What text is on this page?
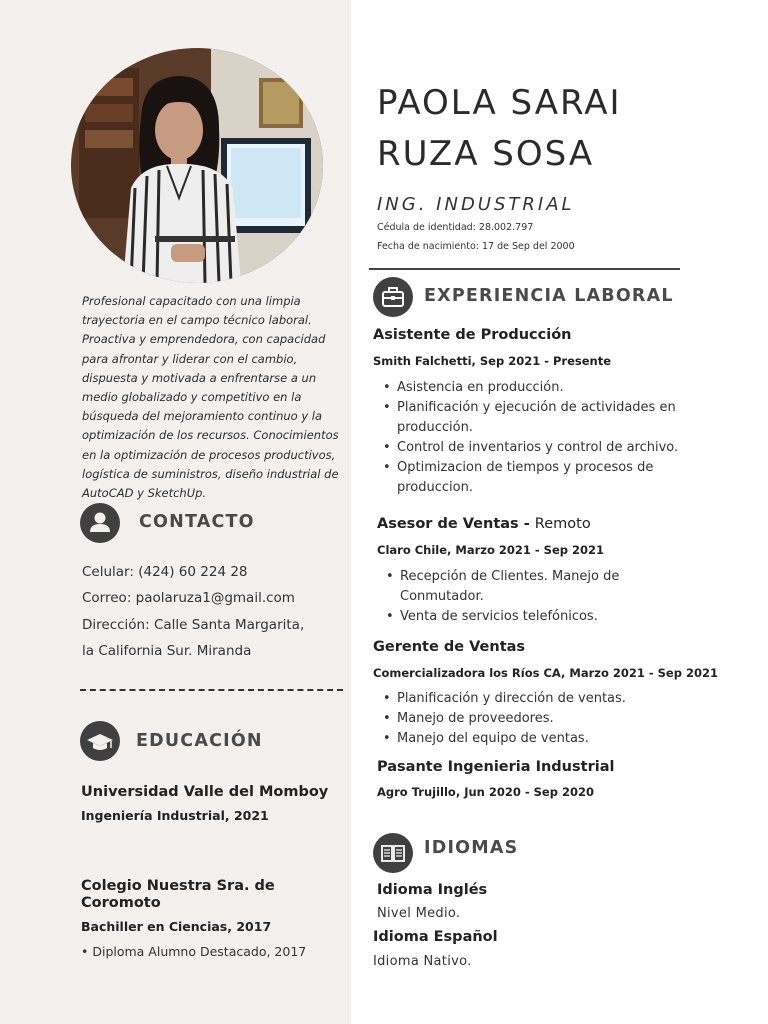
Profesional capacitado con una limpia trayectoria en el campo técnico laboral. Proactiva y emprendedora, con capacidad para afrontar y liderar con el cambio, dispuesta y motivada a enfrentarse a un medio globalizado y competitivo en la búsqueda del mejoramiento continuo y la optimización de los recursos. Conocimientos en la optimización de procesos productivos, logística de suministros, diseño industrial de AutoCAD y SketchUp.
CONTACTO
Celular: (424) 60 224 28
Correo: paolaruza1@gmail.com
Dirección: Calle Santa Margarita,
la California Sur. Miranda
EDUCACIÓN
Universidad Valle del Momboy
Ingeniería Industrial, 2021
Colegio Nuestra Sra. de Coromoto
Bachiller en Ciencias, 2017
• Diploma Alumno Destacado, 2017
PAOLA SARAI
RUZA SOSA
ING. INDUSTRIAL
Cédula de identidad: 28.002.797
Fecha de nacimiento: 17 de Sep del 2000
EXPERIENCIA LABORAL
Asistente de Producción
Smith Falchetti, Sep 2021 - Presente
• Asistencia en producción.
• Planificación y ejecución de actividades en producción.
• Control de inventarios y control de archivo.
• Optimizacion de tiempos y procesos de produccion.
Asesor de Ventas - Remoto
Claro Chile, Marzo 2021 - Sep 2021
• Recepción de Clientes. Manejo de Conmutador.
• Venta de servicios telefónicos.
Gerente de Ventas
Comercializadora los Ríos CA, Marzo 2021 - Sep 2021
• Planificación y dirección de ventas.
• Manejo de proveedores.
• Manejo del equipo de ventas.
Pasante Ingenieria Industrial
Agro Trujillo, Jun 2020 - Sep 2020
IDIOMAS
Idioma Inglés
Nivel Medio.
Idioma Español
Idioma Nativo.
